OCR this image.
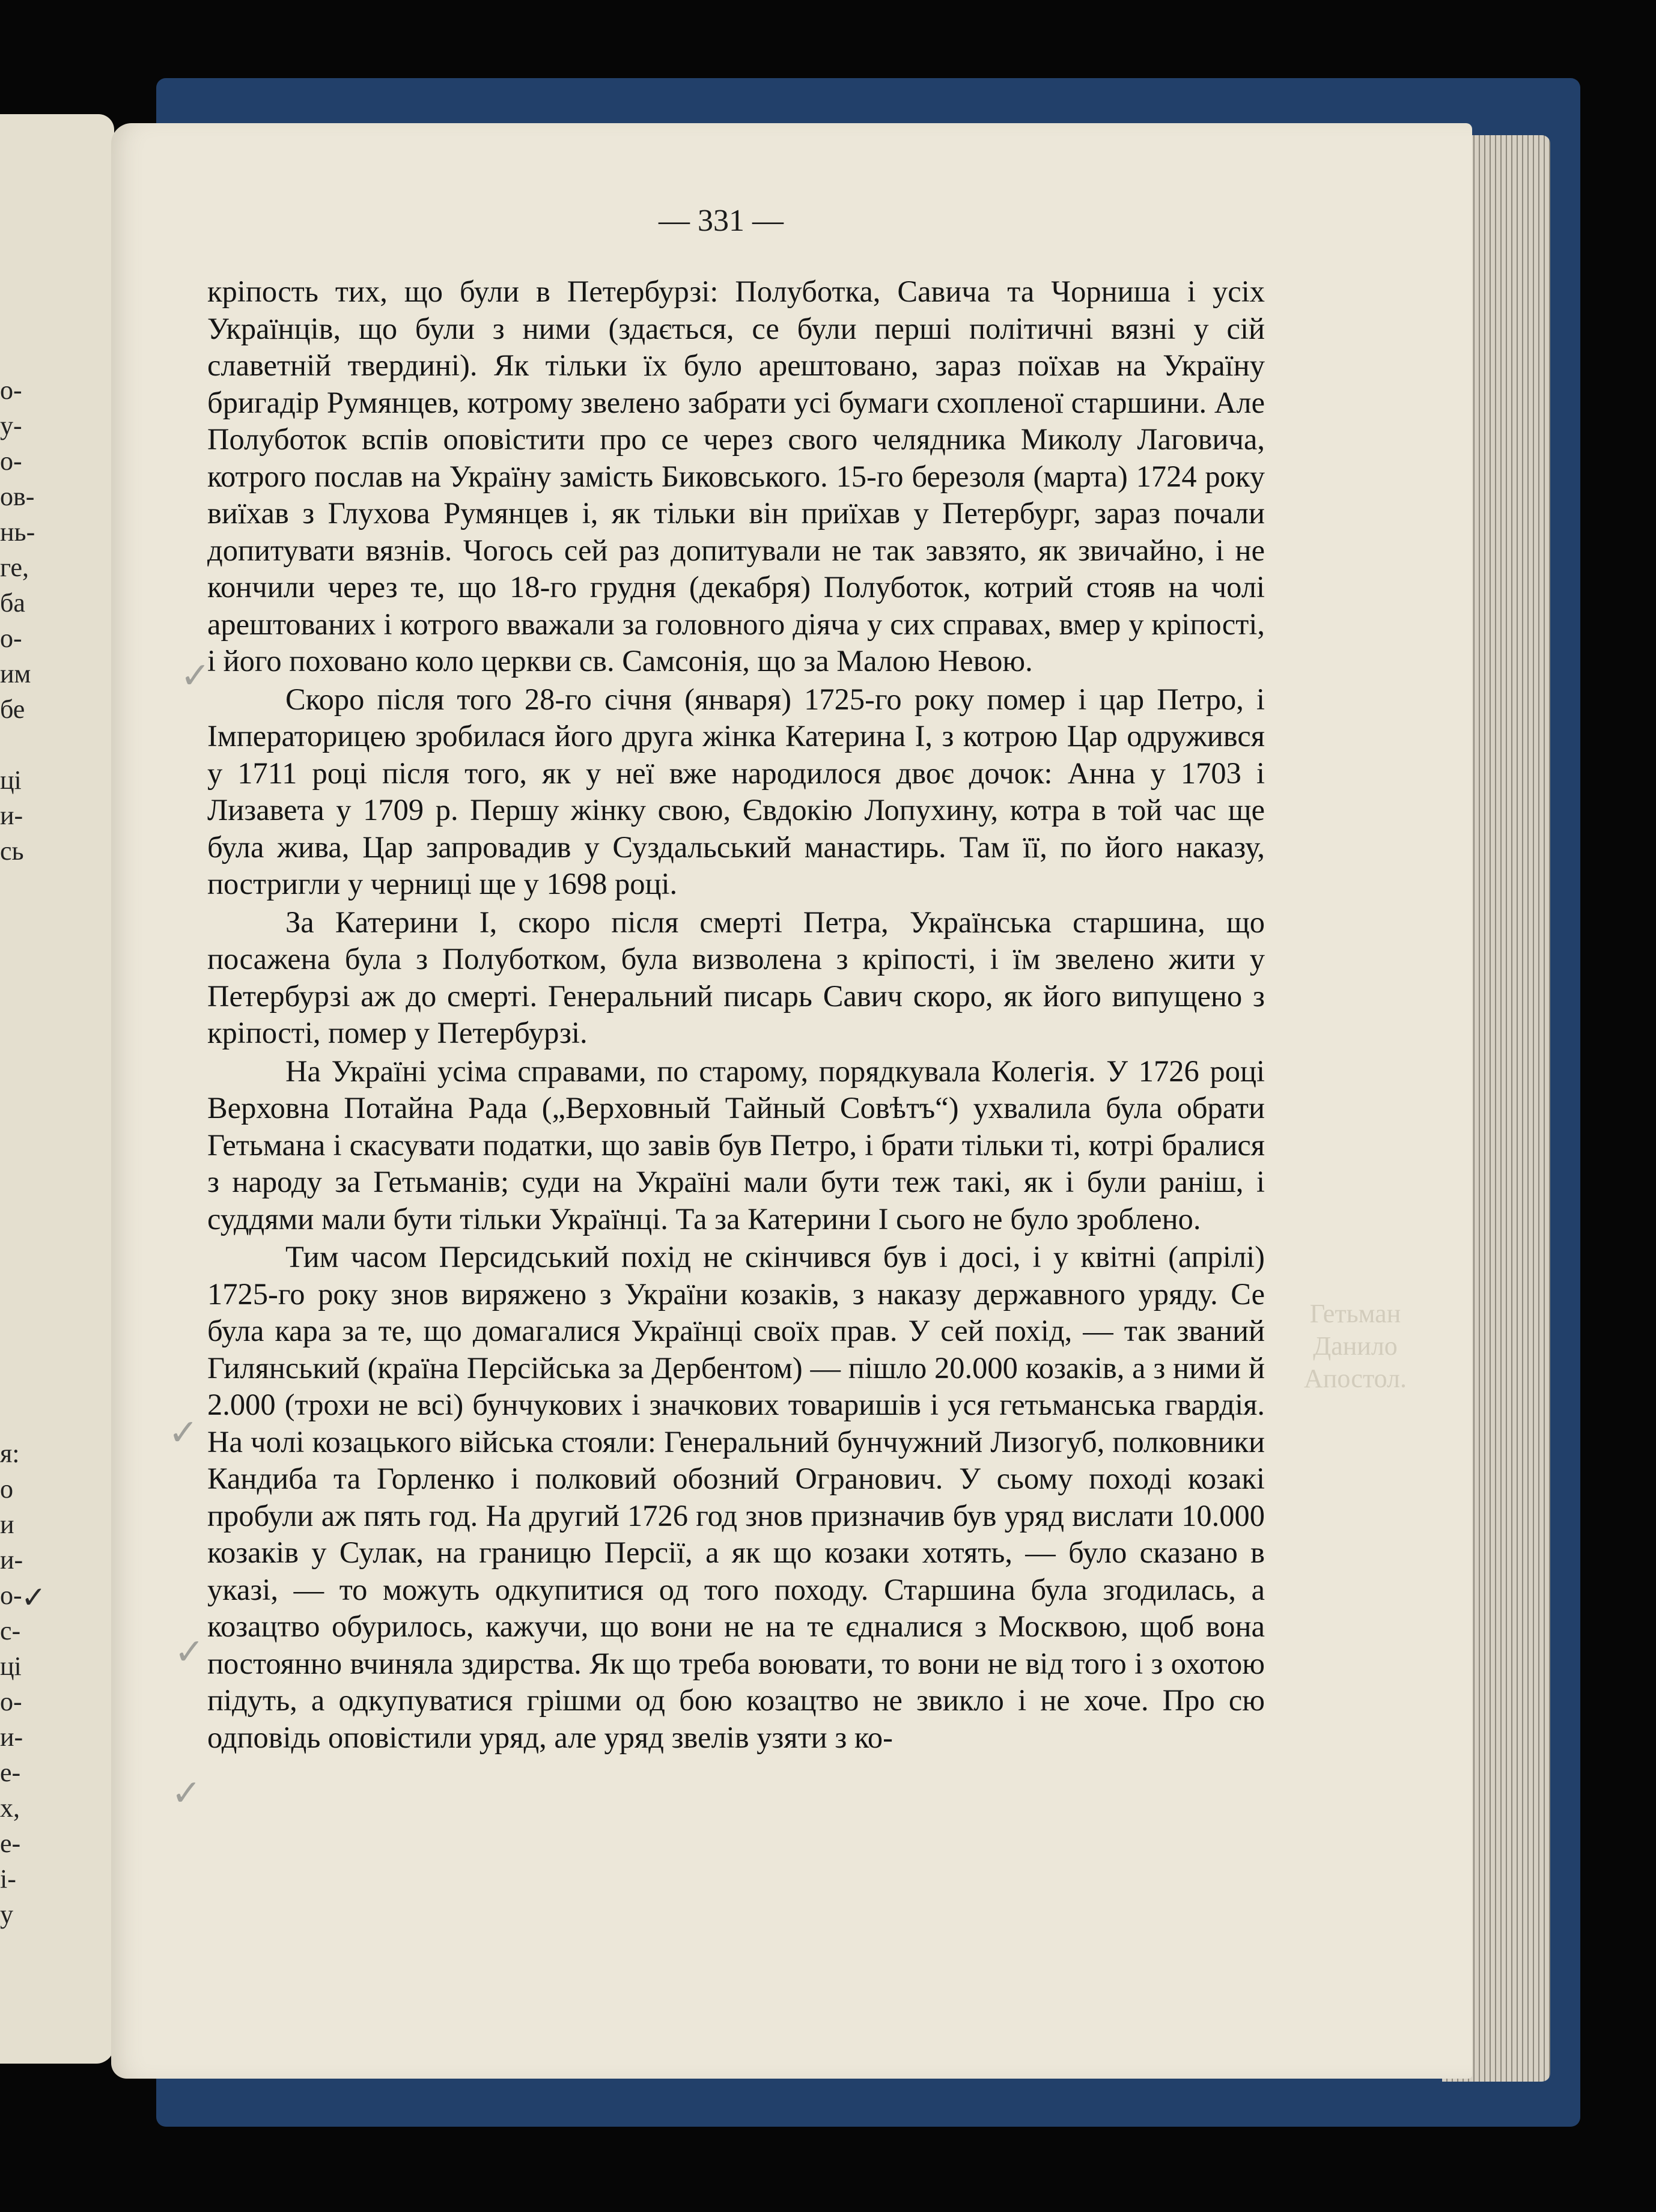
о-
у-
о-
ов-
нь-
ге,
ба
о-
им
бе
ці
и-
сь
я:
о
и
и-
о-
с-
ці
о-
и-
е-
х,
е-
і-
у
Гетьман
Данило
Апостол.
— 331 —

кріпость тих, що були в Петербурзі: Полуботка, Савича та Чорниша і усіх Українців, що були з ними (здається, се були перші політичні вязні у сій славетній твердині). Як тільки їх було арештовано, зараз поїхав на Україну бригадір Румянцев, котрому звелено забрати усі бумаги схопленої старшини. Але Полуботок вспів оповістити про се через свого челядника Миколу Лаговича, котрого послав на Україну замість Биковського. 15-го березоля (марта) 1724 року виїхав з Глухова Румянцев і, як тільки він приїхав у Петербург, зараз почали допитувати вязнів. Чогось сей раз допитували не так завзято, як звичайно, і не кончили через те, що 18-го грудня (декабря) Полуботок, котрий стояв на чолі арештованих і котрого вважали за головного діяча у сих справах, вмер у кріпості, і його поховано коло церкви св. Самсонія, що за Малою Невою.

Скоро після того 28-го січня (января) 1725-го року помер і цар Петро, і Імператорицею зробилася його друга жінка Катерина І, з котрою Цар одружився у 1711 році після того, як у неї вже народилося двоє дочок: Анна у 1703 і Лизавета у 1709 р. Першу жінку свою, Євдокію Лопухину, котра в той час ще була жива, Цар запровадив у Суздальський манастирь. Там її, по його наказу, постригли у черниці ще у 1698 році.

За Катерини І, скоро після смерті Петра, Українська старшина, що посажена була з Полуботком, була визволена з кріпості, і їм звелено жити у Петербурзі аж до смерті. Генеральний писарь Савич скоро, як його випущено з кріпості, помер у Петербурзі.

На Україні усіма справами, по старому, порядкувала Колегія. У 1726 році Верховна Потайна Рада („Верховный Тайный Совѣтъ“) ухвалила була обрати Гетьмана і скасувати податки, що завів був Петро, і брати тільки ті, котрі бралися з народу за Гетьманів; суди на Україні мали бути теж такі, як і були раніш, і суддями мали бути тільки Українці. Та за Катерини І сього не було зроблено.

Тим часом Персидський похід не скінчився був і досі, і у квітні (апрілі) 1725-го року знов виряжено з України козаків, з наказу державного уряду. Се була кара за те, що домагалися Українці своїх прав. У сей похід, — так званий Гилянський (країна Персійська за Дербентом) — пішло 20.000 козаків, а з ними й 2.000 (трохи не всі) бунчукових і значкових товаришів і уся гетьманська гвардія. На чолі козацького війська стояли: Генеральний бунчужний Лизогуб, полковники Кандиба та Горленко і полковий обозний Огранович. У сьому поході козакі пробули аж пять год. На другий 1726 год знов призначив був уряд вислати 10.000 козаків у Сулак, на границю Персії, а як що козаки хотять, — було сказано в указі, — то можуть одкупитися од того походу. Старшина була згодилась, а козацтво обурилось, кажучи, що вони не на те єдналися з Москвою, щоб вона постоянно вчиняла здирства. Як що треба воювати, то вони не від того і з охотою підуть, а одкупуватися грішми од бою козацтво не звикло і не хоче. Про сю одповідь оповістили уряд, але уряд звелів узяти з ко-

✓
✓
✓
✓
✓
